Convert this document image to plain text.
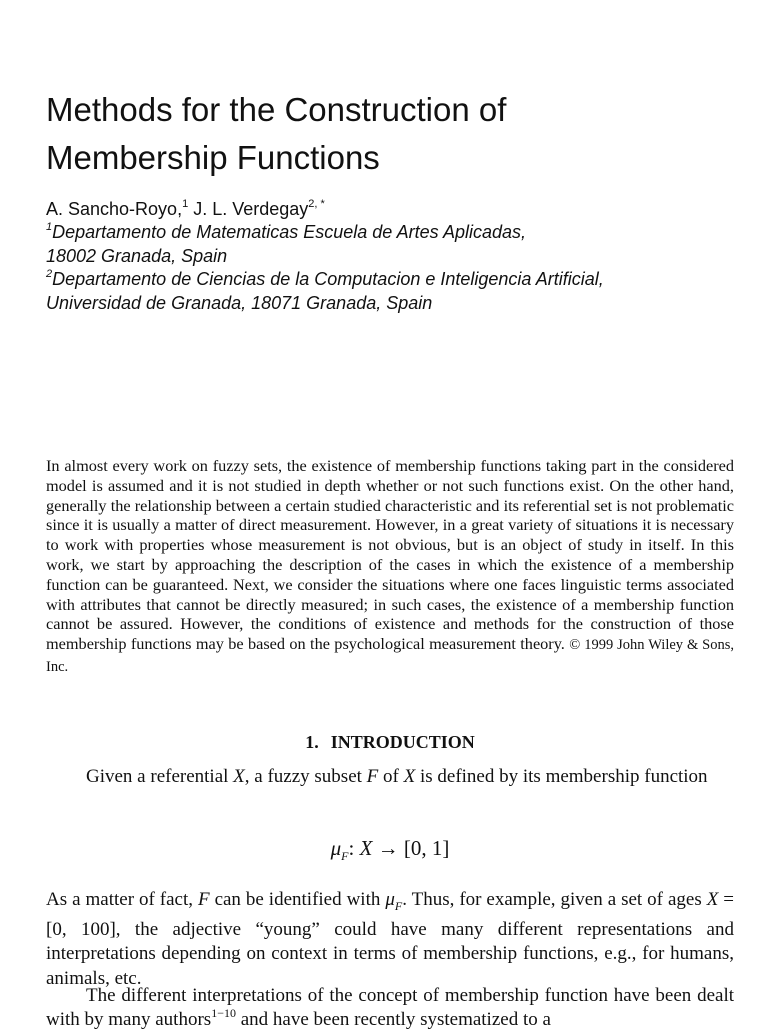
Methods for the Construction of
Membership Functions
A. Sancho-Royo,$^1$ J. L. Verdegay$^{2, *}$
$^1$Departamento de Matematicas Escuela de Artes Aplicadas,
18002 Granada, Spain
$^2$Departamento de Ciencias de la Computacion e Inteligencia Artificial,
Universidad de Granada, 18071 Granada, Spain
In almost every work on fuzzy sets, the existence of membership functions taking part in the considered model is assumed and it is not studied in depth whether or not such functions exist. On the other hand, generally the relationship between a certain studied characteristic and its referential set is not problematic since it is usually a matter of direct measurement. However, in a great variety of situations it is necessary to work with properties whose measurement is not obvious, but is an object of study in itself. In this work, we start by approaching the description of the cases in which the existence of a membership function can be guaranteed. Next, we consider the situations where one faces linguistic terms associated with attributes that cannot be directly measured; in such cases, the existence of a membership function cannot be assured. However, the conditions of existence and methods for the construction of those membership functions may be based on the psychological measurement theory. © 1999 John Wiley & Sons, Inc.
1. INTRODUCTION
Given a referential X, a fuzzy subset F of X is defined by its membership function
$\mu_F$: X → [0, 1]
As a matter of fact, F can be identified with $\mu_F$. Thus, for example, given a set of ages X = [0, 100], the adjective “young” could have many different representations and interpretations depending on context in terms of membership functions, e.g., for humans, animals, etc.
The different interpretations of the concept of membership function have been dealt with by many authors$^{1-10}$ and have been recently systematized to a
